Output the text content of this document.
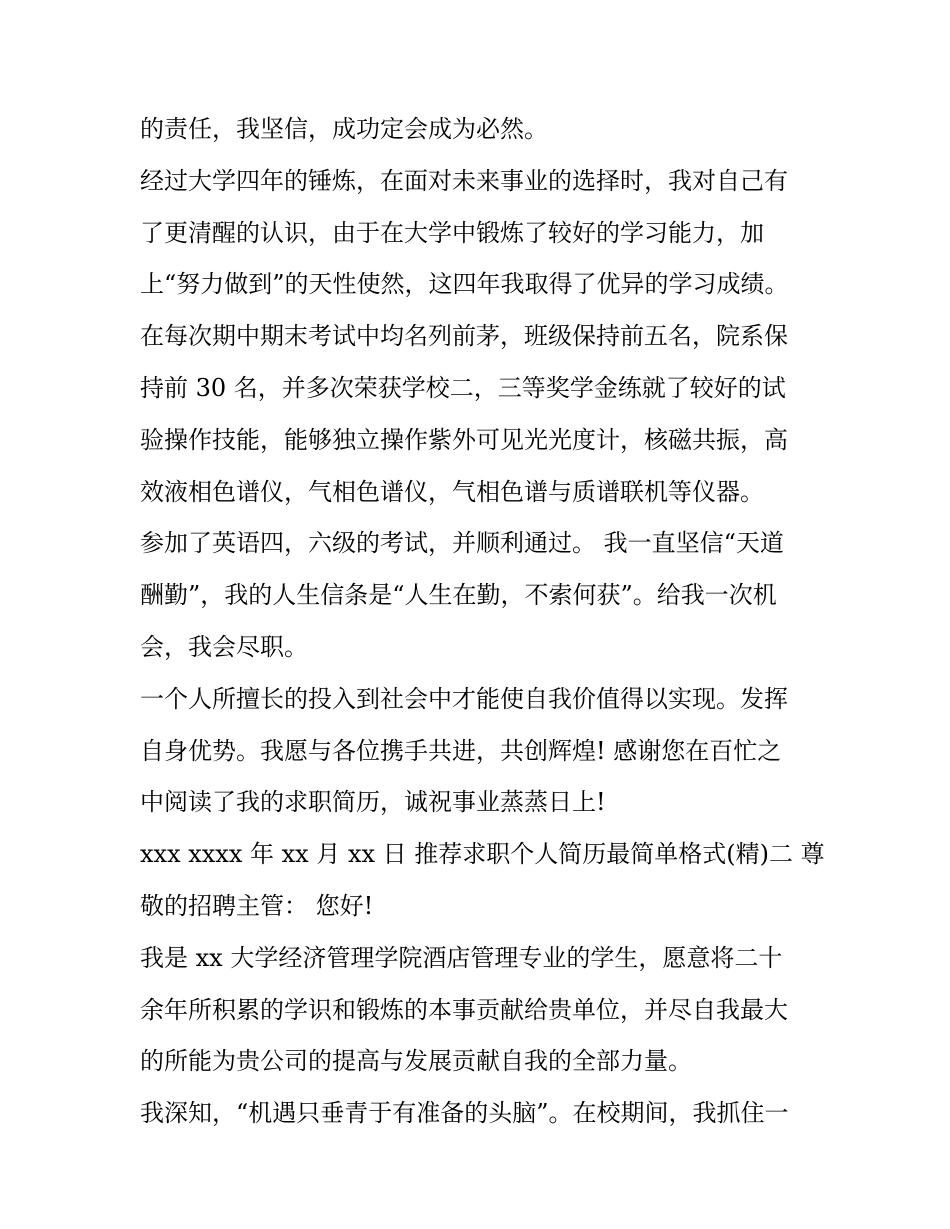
的责任，我坚信，成功定会成为必然。
经过大学四年的锤炼，在面对未来事业的选择时，我对自己有
了更清醒的认识，由于在大学中锻炼了较好的学习能力，加
上“努力做到”的天性使然，这四年我取得了优异的学习成绩。
在每次期中期末考试中均名列前茅，班级保持前五名，院系保
持前 30 名，并多次荣获学校二，三等奖学金练就了较好的试
验操作技能，能够独立操作紫外可见光光度计，核磁共振，高
效液相色谱仪，气相色谱仪，气相色谱与质谱联机等仪器。
参加了英语四，六级的考试，并顺利通过。 我一直坚信“天道
酬勤”，我的人生信条是“人生在勤，不索何获”。给我一次机
会，我会尽职。
一个人所擅长的投入到社会中才能使自我价值得以实现。发挥
自身优势。我愿与各位携手共进，共创辉煌! 感谢您在百忙之
中阅读了我的求职简历，诚祝事业蒸蒸日上!
xxx xxxx 年 xx 月 xx 日 推荐求职个人简历最简单格式(精)二 尊
敬的招聘主管： 您好!
我是 xx 大学经济管理学院酒店管理专业的学生，愿意将二十
余年所积累的学识和锻炼的本事贡献给贵单位，并尽自我最大
的所能为贵公司的提高与发展贡献自我的全部力量。
我深知，“机遇只垂青于有准备的头脑”。在校期间，我抓住一
